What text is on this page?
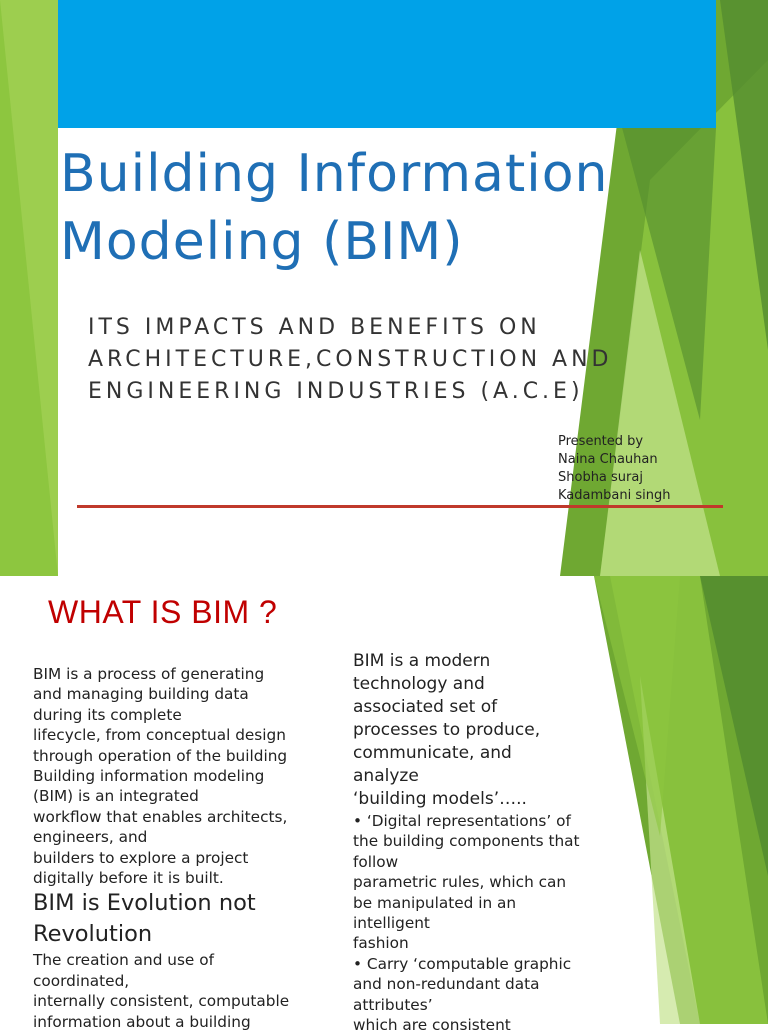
Building Information
Modeling (BIM)
ITS IMPACTS AND BENEFITS ON
ARCHITECTURE,CONSTRUCTION AND
ENGINEERING INDUSTRIES (A.C.E)
Presented by
Naina Chauhan
Shobha suraj
Kadambani singh
WHAT IS BIM ?
BIM is a process of generating
and managing building data
during its complete
lifecycle, from conceptual design
through operation of the building
Building information modeling
(BIM) is an integrated
workflow that enables architects,
engineers, and
builders to explore a project
digitally before it is built.
BIM is Evolution not
Revolution
The creation and use of
coordinated,
internally consistent, computable
information about a building
BIM is a modern
technology and
associated set of
processes to produce,
communicate, and
analyze
‘building models’…..
• ‘Digital representations’ of
the building components that
follow
parametric rules, which can
be manipulated in an
intelligent
fashion
• Carry ‘computable graphic
and non-redundant data
attributes’
which are consistent
